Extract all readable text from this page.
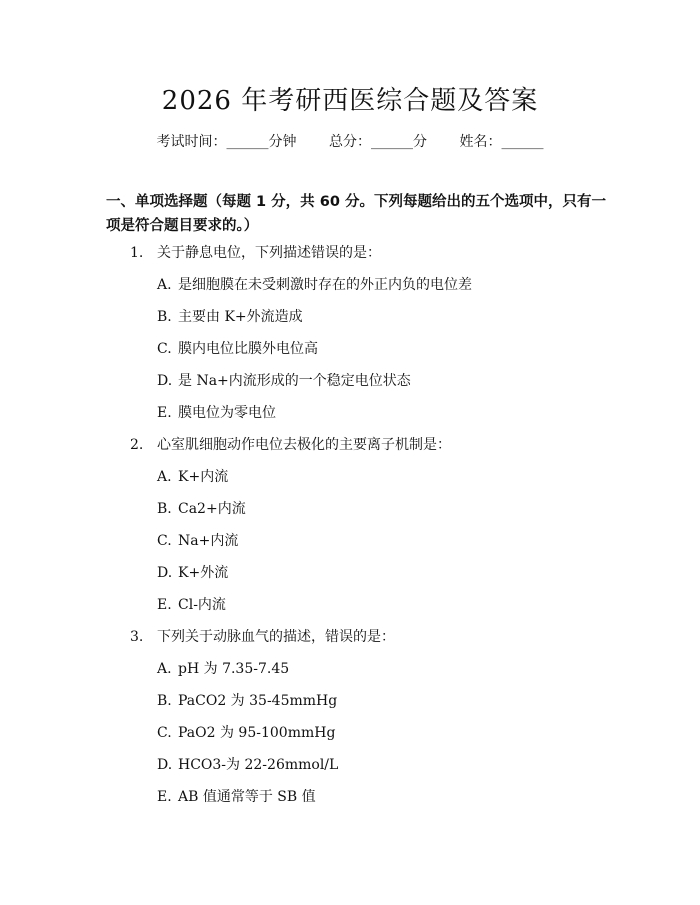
2026 年考研西医综合题及答案
考试时间：______分钟 总分：______分 姓名：______
一、单项选择题（每题 1 分，共 60 分。下列每题给出的五个选项中，只有一项是符合题目要求的。）
1. 关于静息电位，下列描述错误的是：
A. 是细胞膜在未受刺激时存在的外正内负的电位差
B. 主要由 K+外流造成
C. 膜内电位比膜外电位高
D. 是 Na+内流形成的一个稳定电位状态
E. 膜电位为零电位
2. 心室肌细胞动作电位去极化的主要离子机制是：
A. K+内流
B. Ca2+内流
C. Na+内流
D. K+外流
E. Cl-内流
3. 下列关于动脉血气的描述，错误的是：
A. pH 为 7.35-7.45
B. PaCO2 为 35-45mmHg
C. PaO2 为 95-100mmHg
D. HCO3-为 22-26mmol/L
E. AB 值通常等于 SB 值
